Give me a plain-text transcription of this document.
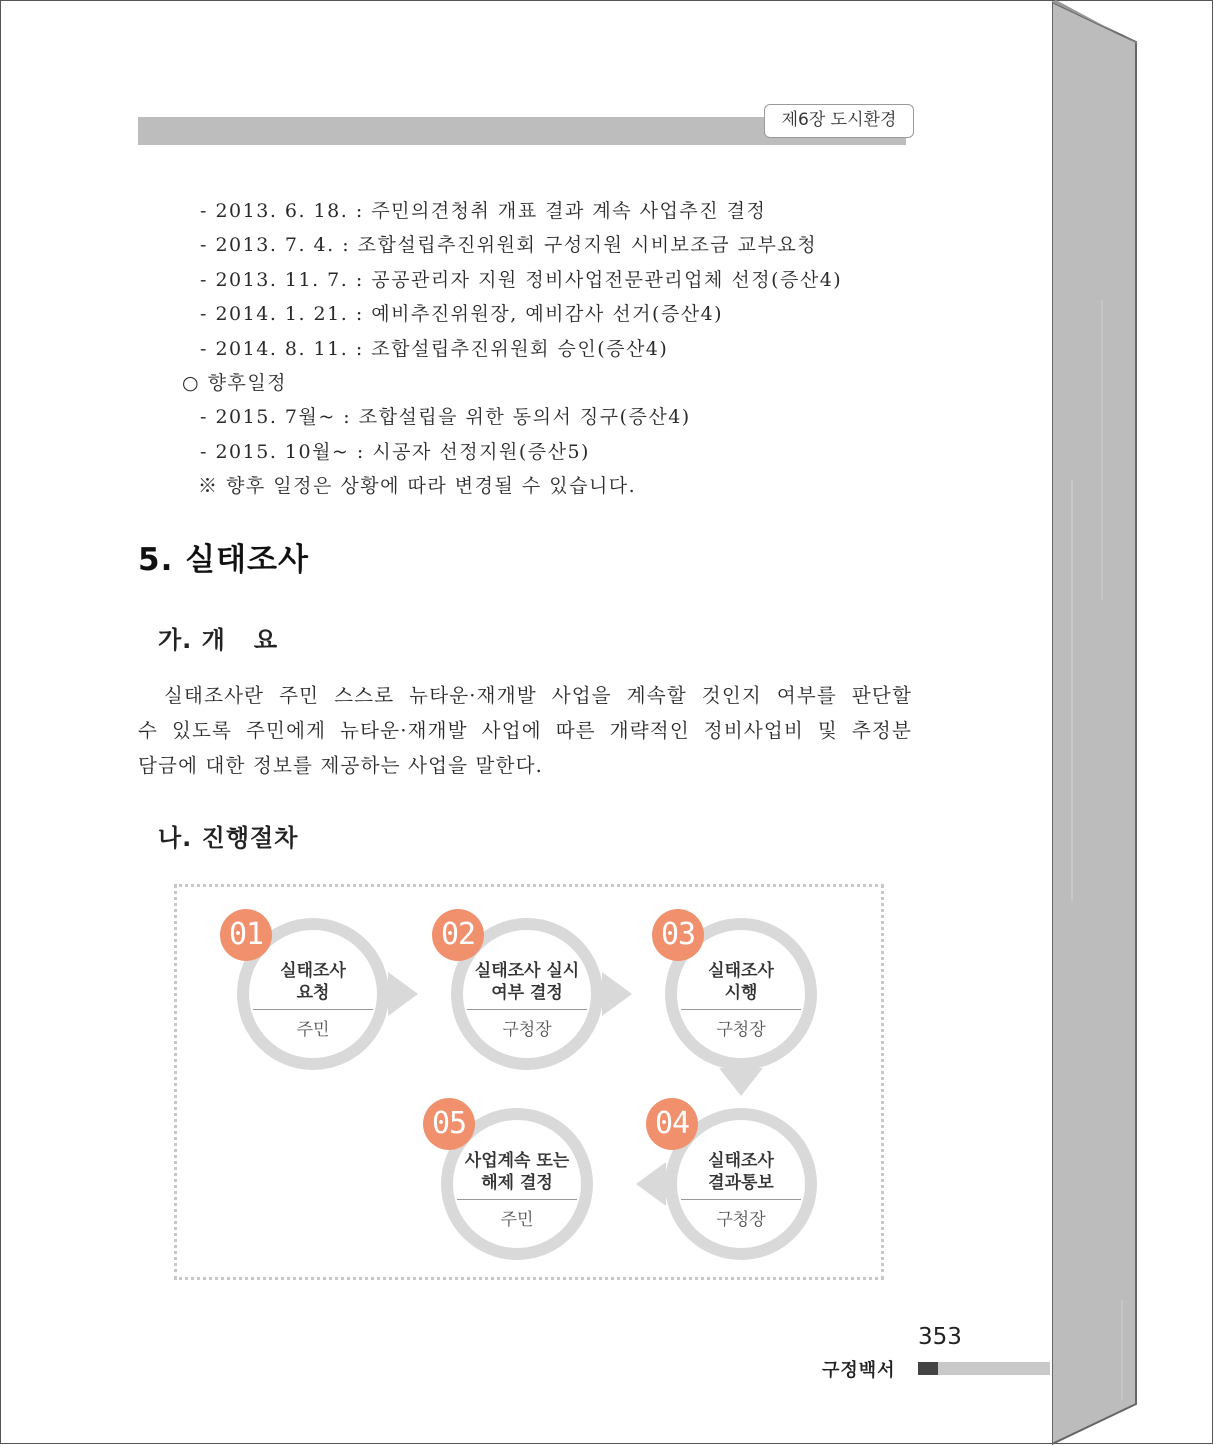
제6장 도시환경
- 2013. 6. 18. : 주민의견청취 개표 결과 계속 사업추진 결정
- 2013. 7. 4. : 조합설립추진위원회 구성지원 시비보조금 교부요청
- 2013. 11. 7. : 공공관리자 지원 정비사업전문관리업체 선정(증산4)
- 2014. 1. 21. : 예비추진위원장, 예비감사 선거(증산4)
- 2014. 8. 11. : 조합설립추진위원회 승인(증산4)
○ 향후일정
- 2015. 7월~ : 조합설립을 위한 동의서 징구(증산4)
- 2015. 10월~ : 시공자 선정지원(증산5)
※ 향후 일정은 상황에 따라 변경될 수 있습니다.
5. 실태조사
가. 개   요
실태조사란 주민 스스로 뉴타운·재개발 사업을 계속할 것인지 여부를 판단할
수 있도록 주민에게 뉴타운·재개발 사업에 따른 개략적인 정비사업비 및 추정분
담금에 대한 정보를 제공하는 사업을 말한다.
나. 진행절차
01	02	03
04
05
실태조사
요청
주민
실태조사 실시
여부 결정
구청장
실태조사
시행
구청장
실태조사
결과통보
구청장
사업계속 또는
해제 결정
주민
353
구정백서
